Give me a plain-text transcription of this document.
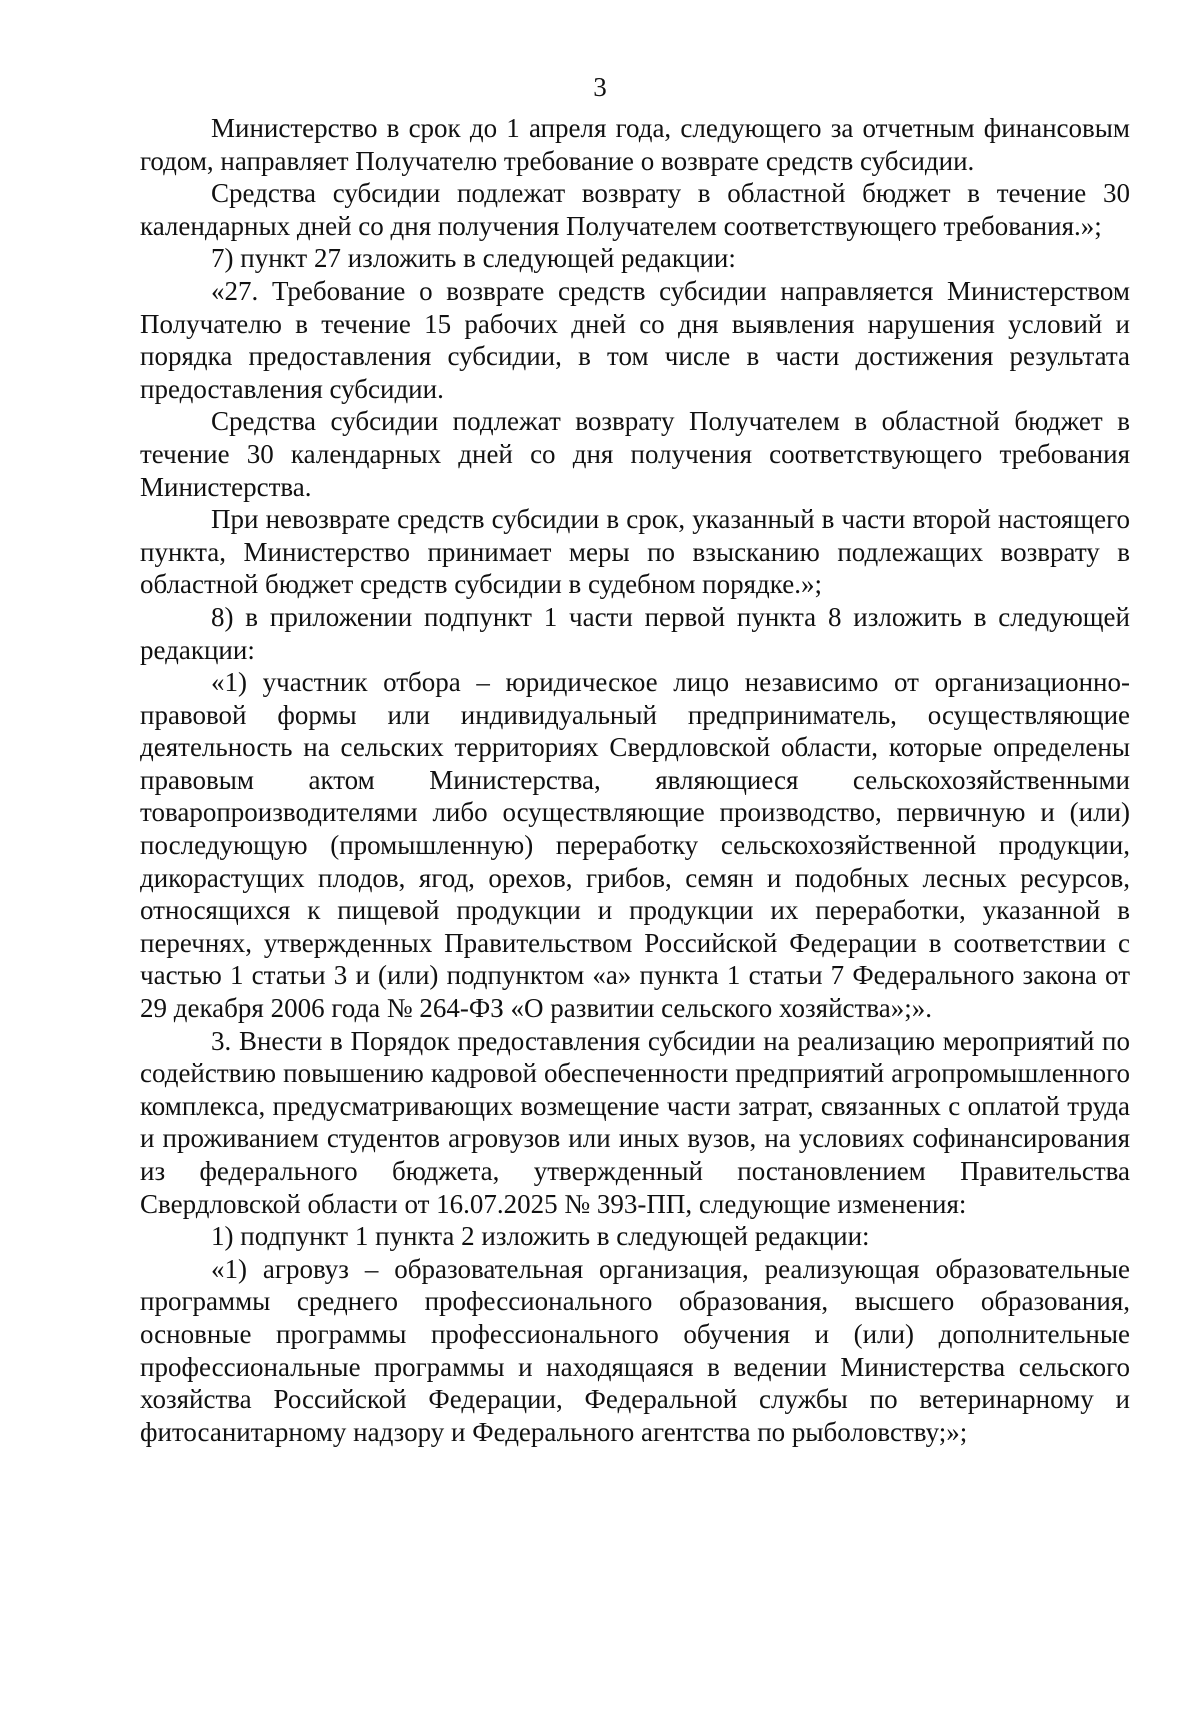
3

Министерство в срок до 1 апреля года, следующего за отчетным финансовым годом, направляет Получателю требование о возврате средств субсидии.

Средства субсидии подлежат возврату в областной бюджет в течение 30 календарных дней со дня получения Получателем соответствующего требования.»;

7) пункт 27 изложить в следующей редакции:

«27. Требование о возврате средств субсидии направляется Министерством Получателю в течение 15 рабочих дней со дня выявления нарушения условий и порядка предоставления субсидии, в том числе в части достижения результата предоставления субсидии.

Средства субсидии подлежат возврату Получателем в областной бюджет в течение 30 календарных дней со дня получения соответствующего требования Министерства.

При невозврате средств субсидии в срок, указанный в части второй настоящего пункта, Министерство принимает меры по взысканию подлежащих возврату в областной бюджет средств субсидии в судебном порядке.»;

8) в приложении подпункт 1 части первой пункта 8 изложить в следующей редакции:

«1) участник отбора – юридическое лицо независимо от организационно-правовой формы или индивидуальный предприниматель, осуществляющие деятельность на сельских территориях Свердловской области, которые определены правовым актом Министерства, являющиеся сельскохозяйственными товаропроизводителями либо осуществляющие производство, первичную и (или) последующую (промышленную) переработку сельскохозяйственной продукции, дикорастущих плодов, ягод, орехов, грибов, семян и подобных лесных ресурсов, относящихся к пищевой продукции и продукции их переработки, указанной в перечнях, утвержденных Правительством Российской Федерации в соответствии с частью 1 статьи 3 и (или) подпунктом «а» пункта 1 статьи 7 Федерального закона от 29 декабря 2006 года № 264-ФЗ «О развитии сельского хозяйства»;».

3. Внести в Порядок предоставления субсидии на реализацию мероприятий по содействию повышению кадровой обеспеченности предприятий агропромышленного комплекса, предусматривающих возмещение части затрат, связанных с оплатой труда и проживанием студентов агровузов или иных вузов, на условиях софинансирования из федерального бюджета, утвержденный постановлением Правительства Свердловской области от 16.07.2025 № 393-ПП, следующие изменения:

1) подпункт 1 пункта 2 изложить в следующей редакции:

«1) агровуз – образовательная организация, реализующая образовательные программы среднего профессионального образования, высшего образования, основные программы профессионального обучения и (или) дополнительные профессиональные программы и находящаяся в ведении Министерства сельского хозяйства Российской Федерации, Федеральной службы по ветеринарному и фитосанитарному надзору и Федерального агентства по рыболовству;»;
